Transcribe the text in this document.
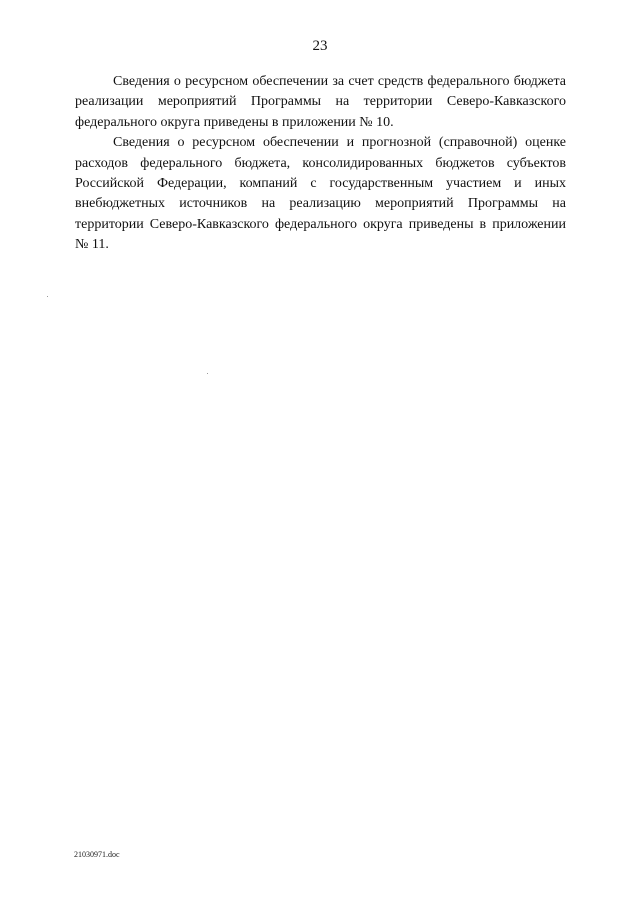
23

Сведения о ресурсном обеспечении за счет средств федерального бюджета реализации мероприятий Программы на территории Северо-Кавказского федерального округа приведены в приложении № 10.

Сведения о ресурсном обеспечении и прогнозной (справочной) оценке расходов федерального бюджета, консолидированных бюджетов субъектов Российской Федерации, компаний с государственным участием и иных внебюджетных источников на реализацию мероприятий Программы на территории Северо-Кавказского федерального округа приведены в приложении № 11.

21030971.doc
